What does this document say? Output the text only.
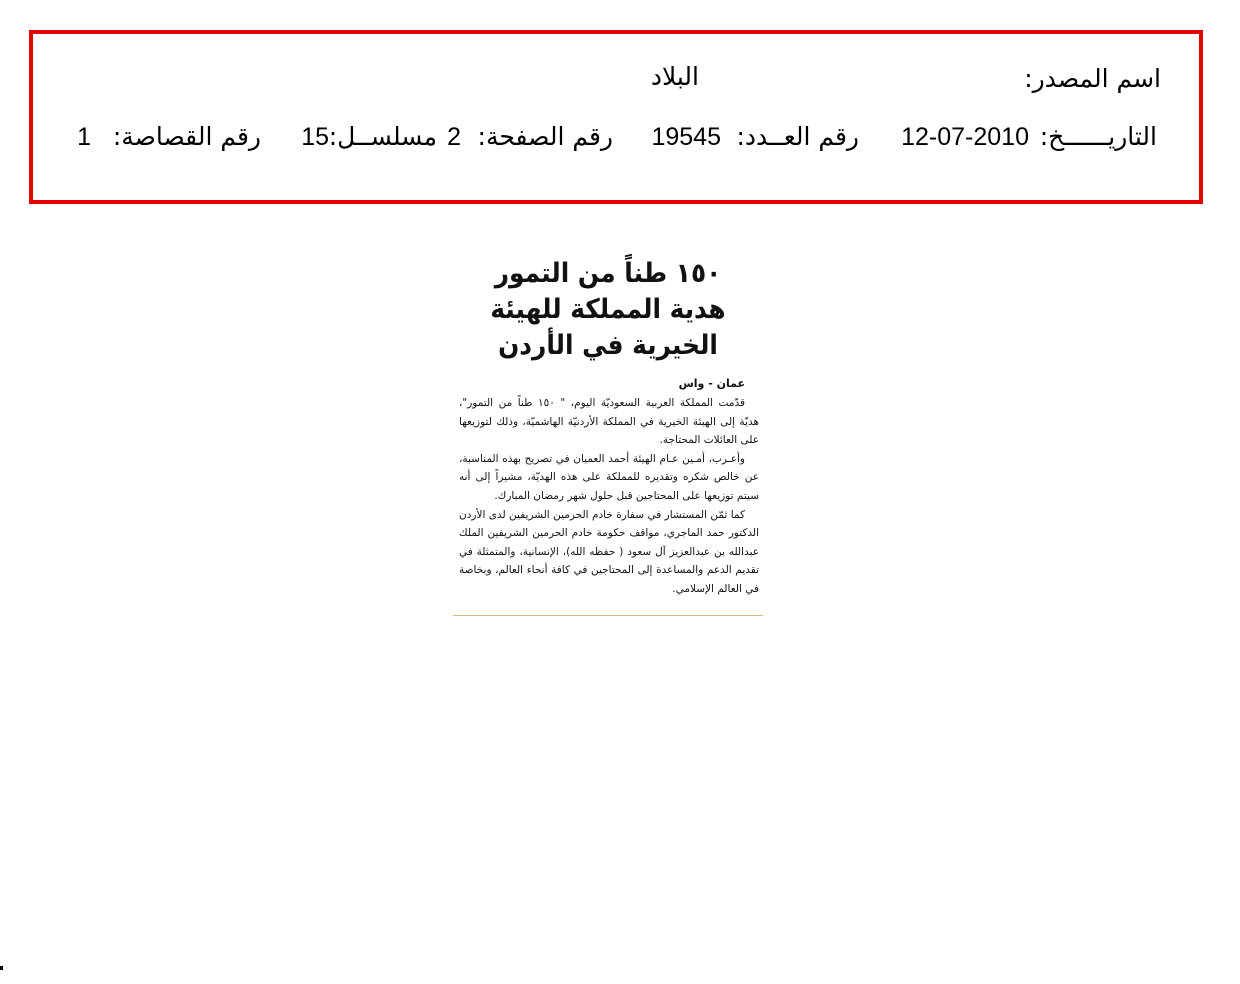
اسم المصدر:
البلاد
التاريــــــخ:
12-07-2010
رقم العــدد:
19545
رقم الصفحة:
2
مسلســل:
15
رقم القصاصة:
1
١٥٠ طناً من التمور هدية المملكة للهيئة الخيرية في الأردن
عمان - واس

قدّمت المملكة العربية السعوديّة اليوم، " ١٥٠ طناً من التمور"، هديّة إلى الهيئة الخيرية في المملكة الأردنيّة الهاشميّة، وذلك لتوزيعها على العائلات المحتاجة.

وأعـرب، أمـين عـام الهيئة أحمد العميان في تصريح بهذه المناسبة، عن خالص شكره وتقديره للمملكة على هذه الهديّة، مشيراً إلى أنه سيتم توزيعها على المحتاجين قبل حلول شهر رمضان المبارك.

كما ثمّن المستشار في سفارة خادم الحرمين الشريفين لدى الأردن الدكتور حمد الماجري، مواقف حكومة خادم الحرمين الشريفين الملك عبدالله بن عبدالعزيز آل سعود ( حفظه الله)، الإنسانية، والمتمثلة في تقديم الدعم والمساعدة إلى المحتاجين في كافة أنحاء العالم، وبخاصة في العالم الإسلامي.
